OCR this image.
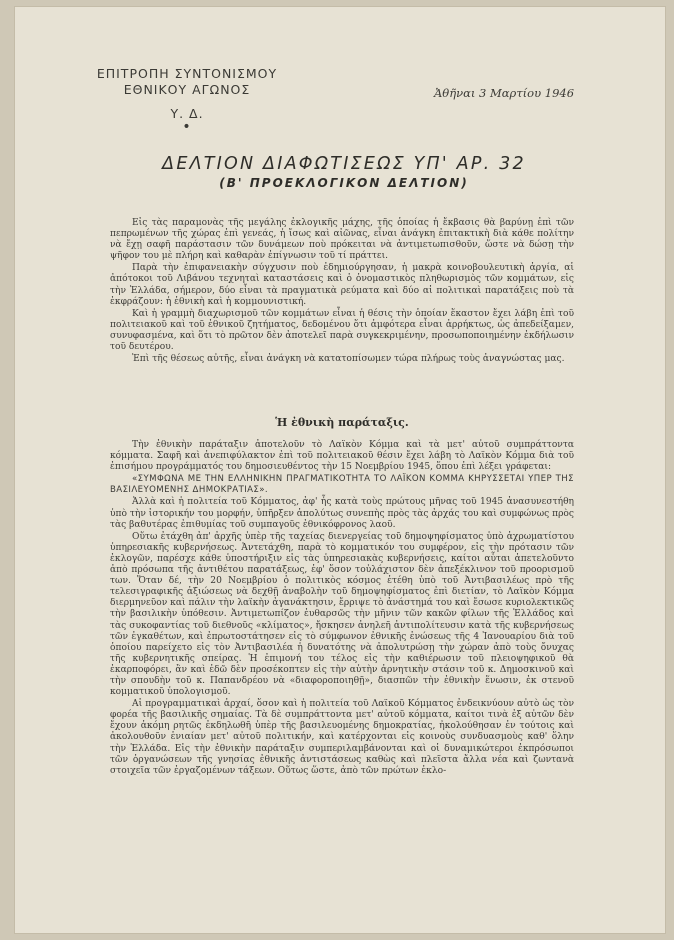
ΕΠΙΤΡΟΠΗ ΣΥΝΤΟΝΙΣΜΟΥ
ΕΘΝΙΚΟΥ ΑΓΩΝΟΣ
Υ. Δ.
•
Ἀθῆναι 3 Μαρτίου 1946
ΔΕΛΤΙΟΝ ΔΙΑΦΩΤΙΣΕΩΣ ΥΠ' ΑΡ. 32
(Β' ΠΡΟΕΚΛΟΓΙΚΟΝ ΔΕΛΤΙΟΝ)

Εἰς τὰς παραμονὰς τῆς μεγάλης ἐκλογικῆς μάχης, τῆς ὁποίας ἡ ἔκβασις θὰ βαρύνῃ ἐπὶ τῶν πεπρωμένων τῆς χώρας ἐπὶ γενεάς, ἡ ἴσως καὶ αἰῶνας, εἶναι ἀνάγκη ἐπιτακτικὴ διὰ κάθε πολίτην νὰ ἔχῃ σαφῆ παράστασιν τῶν δυνάμεων ποὺ πρόκειται νὰ ἀντιμετωπισθοῦν, ὥστε νὰ δώσῃ τὴν ψῆφον του μὲ πλήρη καὶ καθαρὰν ἐπίγνωσιν τοῦ τί πράττει.

Παρὰ τὴν ἐπιφανειακὴν σύγχυσιν ποὺ ἐδημιούργησαν, ἡ μακρὰ κοινοβουλευτικὴ ἀργία, αἱ ἀπότοκοι τοῦ Λιβάνου τεχνηταὶ καταστάσεις καὶ ὁ ὀνομαστικὸς πληθωρισμὸς τῶν κομμάτων, εἰς τὴν Ἑλλάδα, σήμερον, δύο εἶναι τὰ πραγματικὰ ρεύματα καὶ δύο αἱ πολιτικαὶ παρατάξεις ποὺ τὰ ἐκφράζουν: ἡ ἐθνικὴ καὶ ἡ κομμουνιστική.

Καὶ ἡ γραμμὴ διαχωρισμοῦ τῶν κομμάτων εἶναι ἡ θέσις τὴν ὁποίαν ἕκαστον ἔχει λάβη ἐπὶ τοῦ πολιτειακοῦ καὶ τοῦ ἐθνικοῦ ζητήματος, δεδομένου ὅτι ἀμφότερα εἶναι ἀρρήκτως, ὡς ἀπεδείξαμεν, συνυφασμένα, καὶ ὅτι τὸ πρῶτον δὲν ἀποτελεῖ παρὰ συγκεκριμένην, προσωποποιημένην ἐκδήλωσιν τοῦ δευτέρου.

Ἐπὶ τῆς θέσεως αὐτῆς, εἶναι ἀνάγκη νὰ κατατοπίσωμεν τώρα πλήρως τοὺς ἀναγνώστας μας.

Ἡ ἐθνικὴ παράταξις.

Τὴν ἐθνικὴν παράταξιν ἀποτελοῦν τὸ Λαϊκὸν Κόμμα καὶ τὰ μετ' αὐτοῦ συμπράττοντα κόμματα. Σαφῆ καὶ ἀνεπιφύλακτον ἐπὶ τοῦ πολιτειακοῦ θέσιν ἔχει λάβη τὸ Λαϊκὸν Κόμμα διὰ τοῦ ἐπισήμου προγράμματός του δημοσιευθέντος τὴν 15 Νοεμβρίου 1945, ὅπου ἐπὶ λέξει γράφεται:

«ΣΥΜΦΩΝΑ ΜΕ ΤΗΝ ΕΛΛΗΝΙΚΗΝ ΠΡΑΓΜΑΤΙΚΟΤΗΤΑ ΤΟ ΛΑΪΚΟΝ ΚΟΜΜΑ ΚΗΡΥΣΣΕΤΑΙ ΥΠΕΡ ΤΗΣ ΒΑΣΙΛΕΥΟΜΕΝΗΣ ΔΗΜΟΚΡΑΤΙΑΣ».

Ἀλλὰ καὶ ἡ πολιτεία τοῦ Κόμματος, ἀφ' ἧς κατὰ τοὺς πρώτους μῆνας τοῦ 1945 ἀνασυνεστήθη ὑπὸ τὴν ἱστορικήν του μορφήν, ὑπῆρξεν ἀπολύτως συνεπὴς πρὸς τὰς ἀρχάς του καὶ συμφώνως πρὸς τὰς βαθυτέρας ἐπιθυμίας τοῦ συμπαγοῦς ἐθνικόφρονος λαοῦ.

Οὕτω ἐτάχθη ἀπ' ἀρχῆς ὑπὲρ τῆς ταχείας διενεργείας τοῦ δημοψηφίσματος ὑπὸ ἀχρωματίστου ὑπηρεσιακῆς κυβερνήσεως. Ἀντετάχθη, παρὰ τὸ κομματικόν του συμφέρον, εἰς τὴν πρότασιν τῶν ἐκλογῶν, παρέσχε κάθε ὑποστήριξιν εἰς τὰς ὑπηρεσιακὰς κυβερνήσεις, καίτοι αὗται ἀπετελοῦντο ἀπὸ πρόσωπα τῆς ἀντιθέτου παρατάξεως, ἐφ' ὅσον τοὐλάχιστον δὲν ἀπεξέκλινον τοῦ προορισμοῦ των. Ὅταν δέ, τὴν 20 Νοεμβρίου ὁ πολιτικὸς κόσμος ἐτέθη ὑπὸ τοῦ Ἀντιβασιλέως πρὸ τῆς τελεσιγραφικῆς ἀξιώσεως νὰ δεχθῇ ἀναβολὴν τοῦ δημοψηφίσματος ἐπὶ διετίαν, τὸ Λαϊκὸν Κόμμα διερμηνεῦον καὶ πάλιν τὴν λαϊκὴν ἀγανάκτησιν, ἔρριψε τὸ ἀνάστημά του καὶ ἔσωσε κυριολεκτικῶς τὴν βασιλικὴν ὑπόθεσιν. Ἀντιμετωπίζον ἐυθαρσῶς τὴν μῆνιν τῶν κακῶν φίλων τῆς Ἑλλάδος καὶ τὰς συκοφαντίας τοῦ διεθνοῦς «κλίματος», ἤσκησεν ἀνηλεῆ ἀντιπολίτευσιν κατὰ τῆς κυβερνήσεως τῶν ἐγκαθέτων, καὶ ἐπρωτοστάτησεν εἰς τὸ σύμφωνον ἐθνικῆς ἑνώσεως τῆς 4 Ἰανουαρίου διὰ τοῦ ὁποίου παρείχετο εἰς τὸν Ἀντιβασιλέα ἡ δυνατότης νὰ ἀπολυτρώσῃ τὴν χώραν ἀπὸ τοὺς ὄνυχας τῆς κυβερνητικῆς σπείρας. Ἡ ἐπιμονή του τέλος εἰς τὴν καθιέρωσιν τοῦ πλειοψηφικοῦ θὰ ἐκαρποφόρει, ἂν καὶ ἐδῶ δὲν προσέκοπτεν εἰς τὴν αὐτὴν ἀρνητικὴν στάσιν τοῦ κ. Δημοσκινοῦ καὶ τὴν σπουδὴν τοῦ κ. Παπανδρέου νὰ «διαφοροποιηθῇ», διασπῶν τὴν ἐθνικὴν ἕνωσιν, ἐκ στενοῦ κομματικοῦ ὑπολογισμοῦ.

Αἱ προγραμματικαὶ ἀρχαί, ὅσον καὶ ἡ πολιτεία τοῦ Λαϊκοῦ Κόμματος ἐνδεικνύουν αὐτὸ ὡς τὸν φορέα τῆς βασιλικῆς σημαίας. Τὰ δὲ συμπράττοντα μετ' αὐτοῦ κόμματα, καίτοι τινὰ ἐξ αὐτῶν δὲν ἔχουν ἀκόμη ρητῶς ἐκδηλωθῆ ὑπὲρ τῆς βασιλευομένης δημοκρατίας, ἠκολούθησαν ἐν τούτοις καὶ ἀκολουθοῦν ἑνιαίαν μετ' αὐτοῦ πολιτικήν, καὶ κατέρχονται εἰς κοινοὺς συνδυασμοὺς καθ' ὅλην τὴν Ἑλλάδα. Εἰς τὴν ἐθνικὴν παράταξιν συμπεριλαμβάνονται καὶ οἱ δυναμικώτεροι ἐκπρόσωποι τῶν ὀργανώσεων τῆς γνησίας ἐθνικῆς ἀντιστάσεως καθὼς καὶ πλεῖστα ἄλλα νέα καὶ ζωντανὰ στοιχεῖα τῶν ἐργαζομένων τάξεων. Οὕτως ὥστε, ἀπὸ τῶν πρώτων ἐκλο-
